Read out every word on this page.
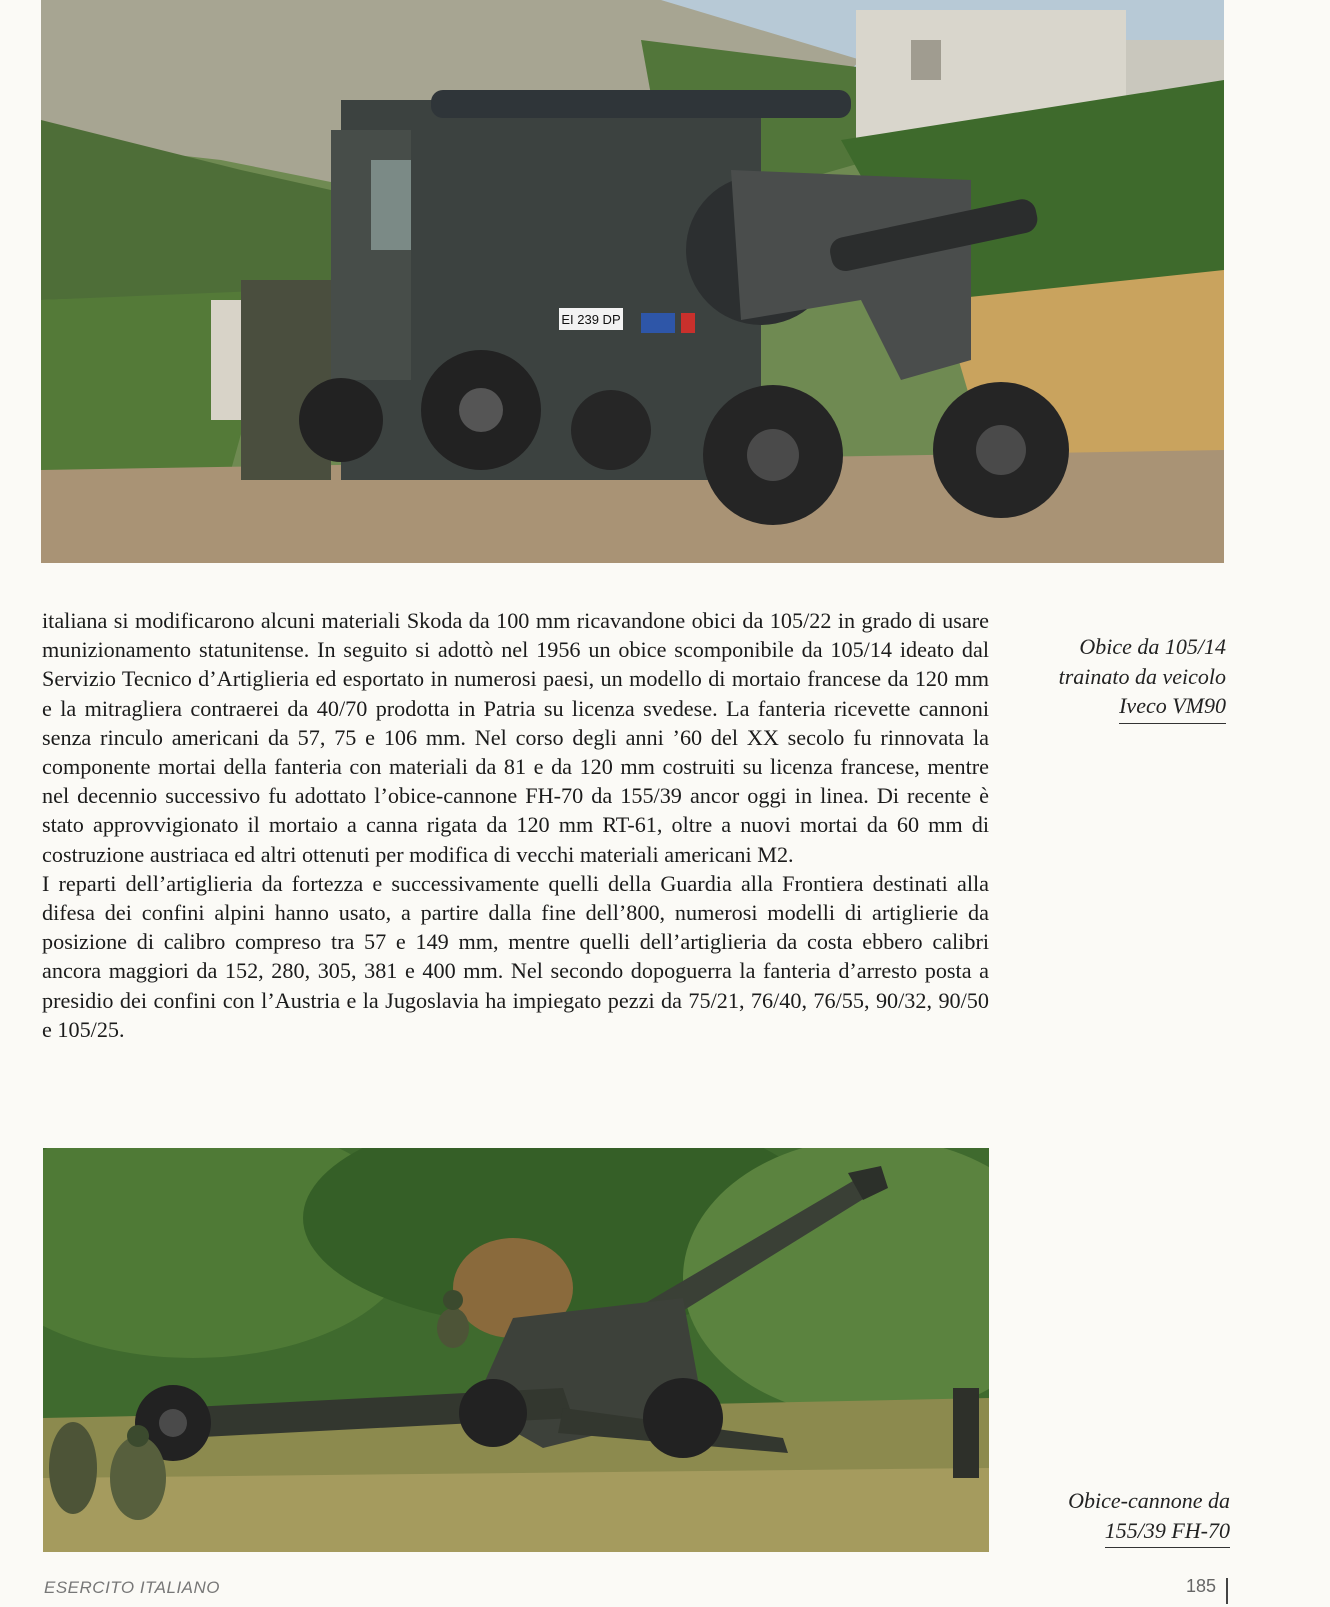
EI 239 DP

italiana si modificarono alcuni materiali Skoda da 100 mm ricavandone obici da 105/22 in grado di usare munizionamento statunitense. In seguito si adottò nel 1956 un obice scomponibile da 105/14 ideato dal Servizio Tecnico d’Artiglieria ed esportato in numerosi paesi, un modello di mortaio francese da 120 mm e la mitragliera contraerei da 40/70 prodotta in Patria su licenza svedese. La fanteria ricevette cannoni senza rinculo americani da 57, 75 e 106 mm. Nel corso degli anni ’60 del XX secolo fu rinnovata la componente mortai della fanteria con materiali da 81 e da 120 mm costruiti su licenza francese, mentre nel decennio successivo fu adottato l’obice-cannone FH-70 da 155/39 ancor oggi in linea. Di recente è stato approvvigionato il mortaio a canna rigata da 120 mm RT-61, oltre a nuovi mortai da 60 mm di costruzione austriaca ed altri ottenuti per modifica di vecchi materiali americani M2.

I reparti dell’artiglieria da fortezza e successivamente quelli della Guardia alla Frontiera destinati alla difesa dei confini alpini hanno usato, a partire dalla fine dell’800, numerosi modelli di artiglierie da posizione di calibro compreso tra 57 e 149 mm, mentre quelli dell’artiglieria da costa ebbero calibri ancora maggiori da 152, 280, 305, 381 e 400 mm. Nel secondo dopoguerra la fanteria d’arresto posta a presidio dei confini con l’Austria e la Jugoslavia ha impiegato pezzi da 75/21, 76/40, 76/55, 90/32, 90/50 e 105/25.

Obice da 105/14
trainato da veicolo
Iveco VM90
Obice-cannone da
155/39 FH-70
ESERCITO ITALIANO	185
